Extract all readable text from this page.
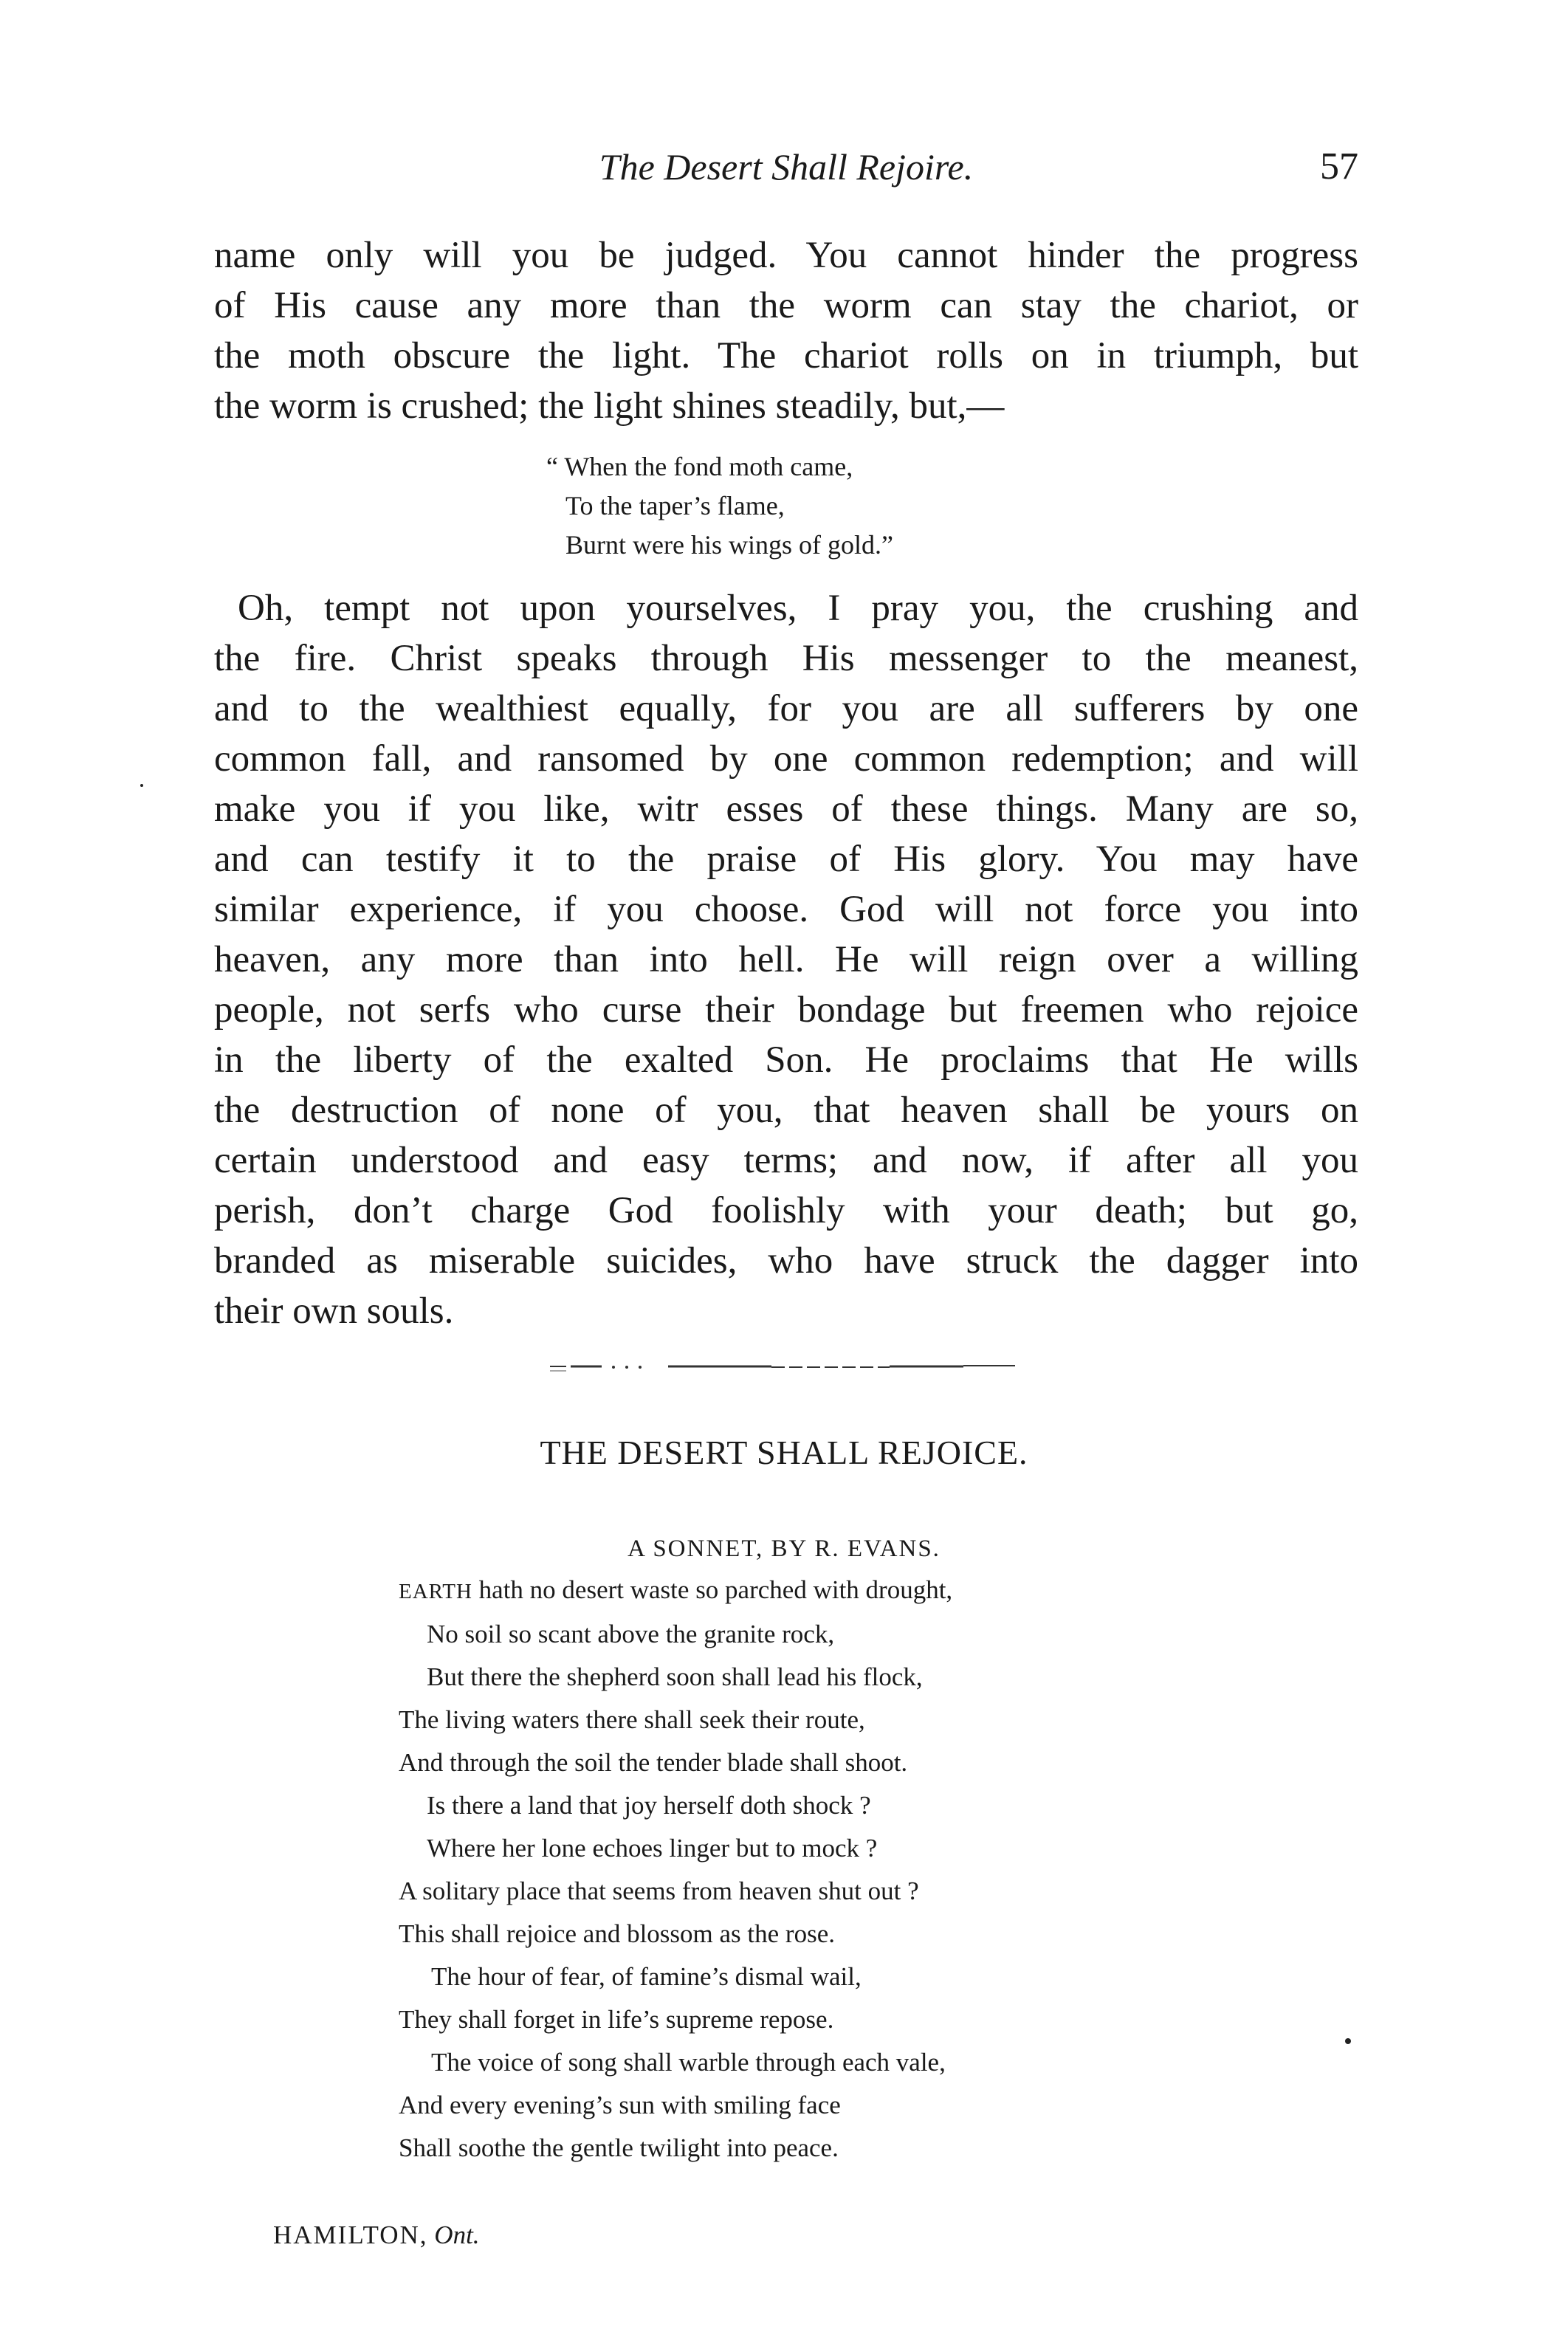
The Desert Shall Rejoire.	57
name only will you be judged. You cannot hinder the progress
of His cause any more than the worm can stay the chariot, or
the moth obscure the light. The chariot rolls on in triumph, but
the worm is crushed; the light shines steadily, but,—
“ When the fond moth came,
To the taper’s flame,
Burnt were his wings of gold.”
Oh, tempt not upon yourselves, I pray you, the crushing and
the fire. Christ speaks through His messenger to the meanest,
and to the wealthiest equally, for you are all sufferers by one
common fall, and ransomed by one common redemption; and will
make you if you like, witr esses of these things. Many are so,
and can testify it to the praise of His glory. You may have
similar experience, if you choose. God will not force you into
heaven, any more than into hell. He will reign over a willing
people, not serfs who curse their bondage but freemen who rejoice
in the liberty of the exalted Son. He proclaims that He wills
the destruction of none of you, that heaven shall be yours on
certain understood and easy terms; and now, if after all you
perish, don’t charge God foolishly with your death; but go,
branded as miserable suicides, who have struck the dagger into
their own souls.
THE DESERT SHALL REJOICE.
A SONNET, BY R. EVANS.
EARTH hath no desert waste so parched with drought,
No soil so scant above the granite rock,
But there the shepherd soon shall lead his flock,
The living waters there shall seek their route,
And through the soil the tender blade shall shoot.
Is there a land that joy herself doth shock ?
Where her lone echoes linger but to mock ?
A solitary place that seems from heaven shut out ?
This shall rejoice and blossom as the rose.
The hour of fear, of famine’s dismal wail,
They shall forget in life’s supreme repose.
The voice of song shall warble through each vale,
And every evening’s sun with smiling face
Shall soothe the gentle twilight into peace.
HAMILTON, Ont.
